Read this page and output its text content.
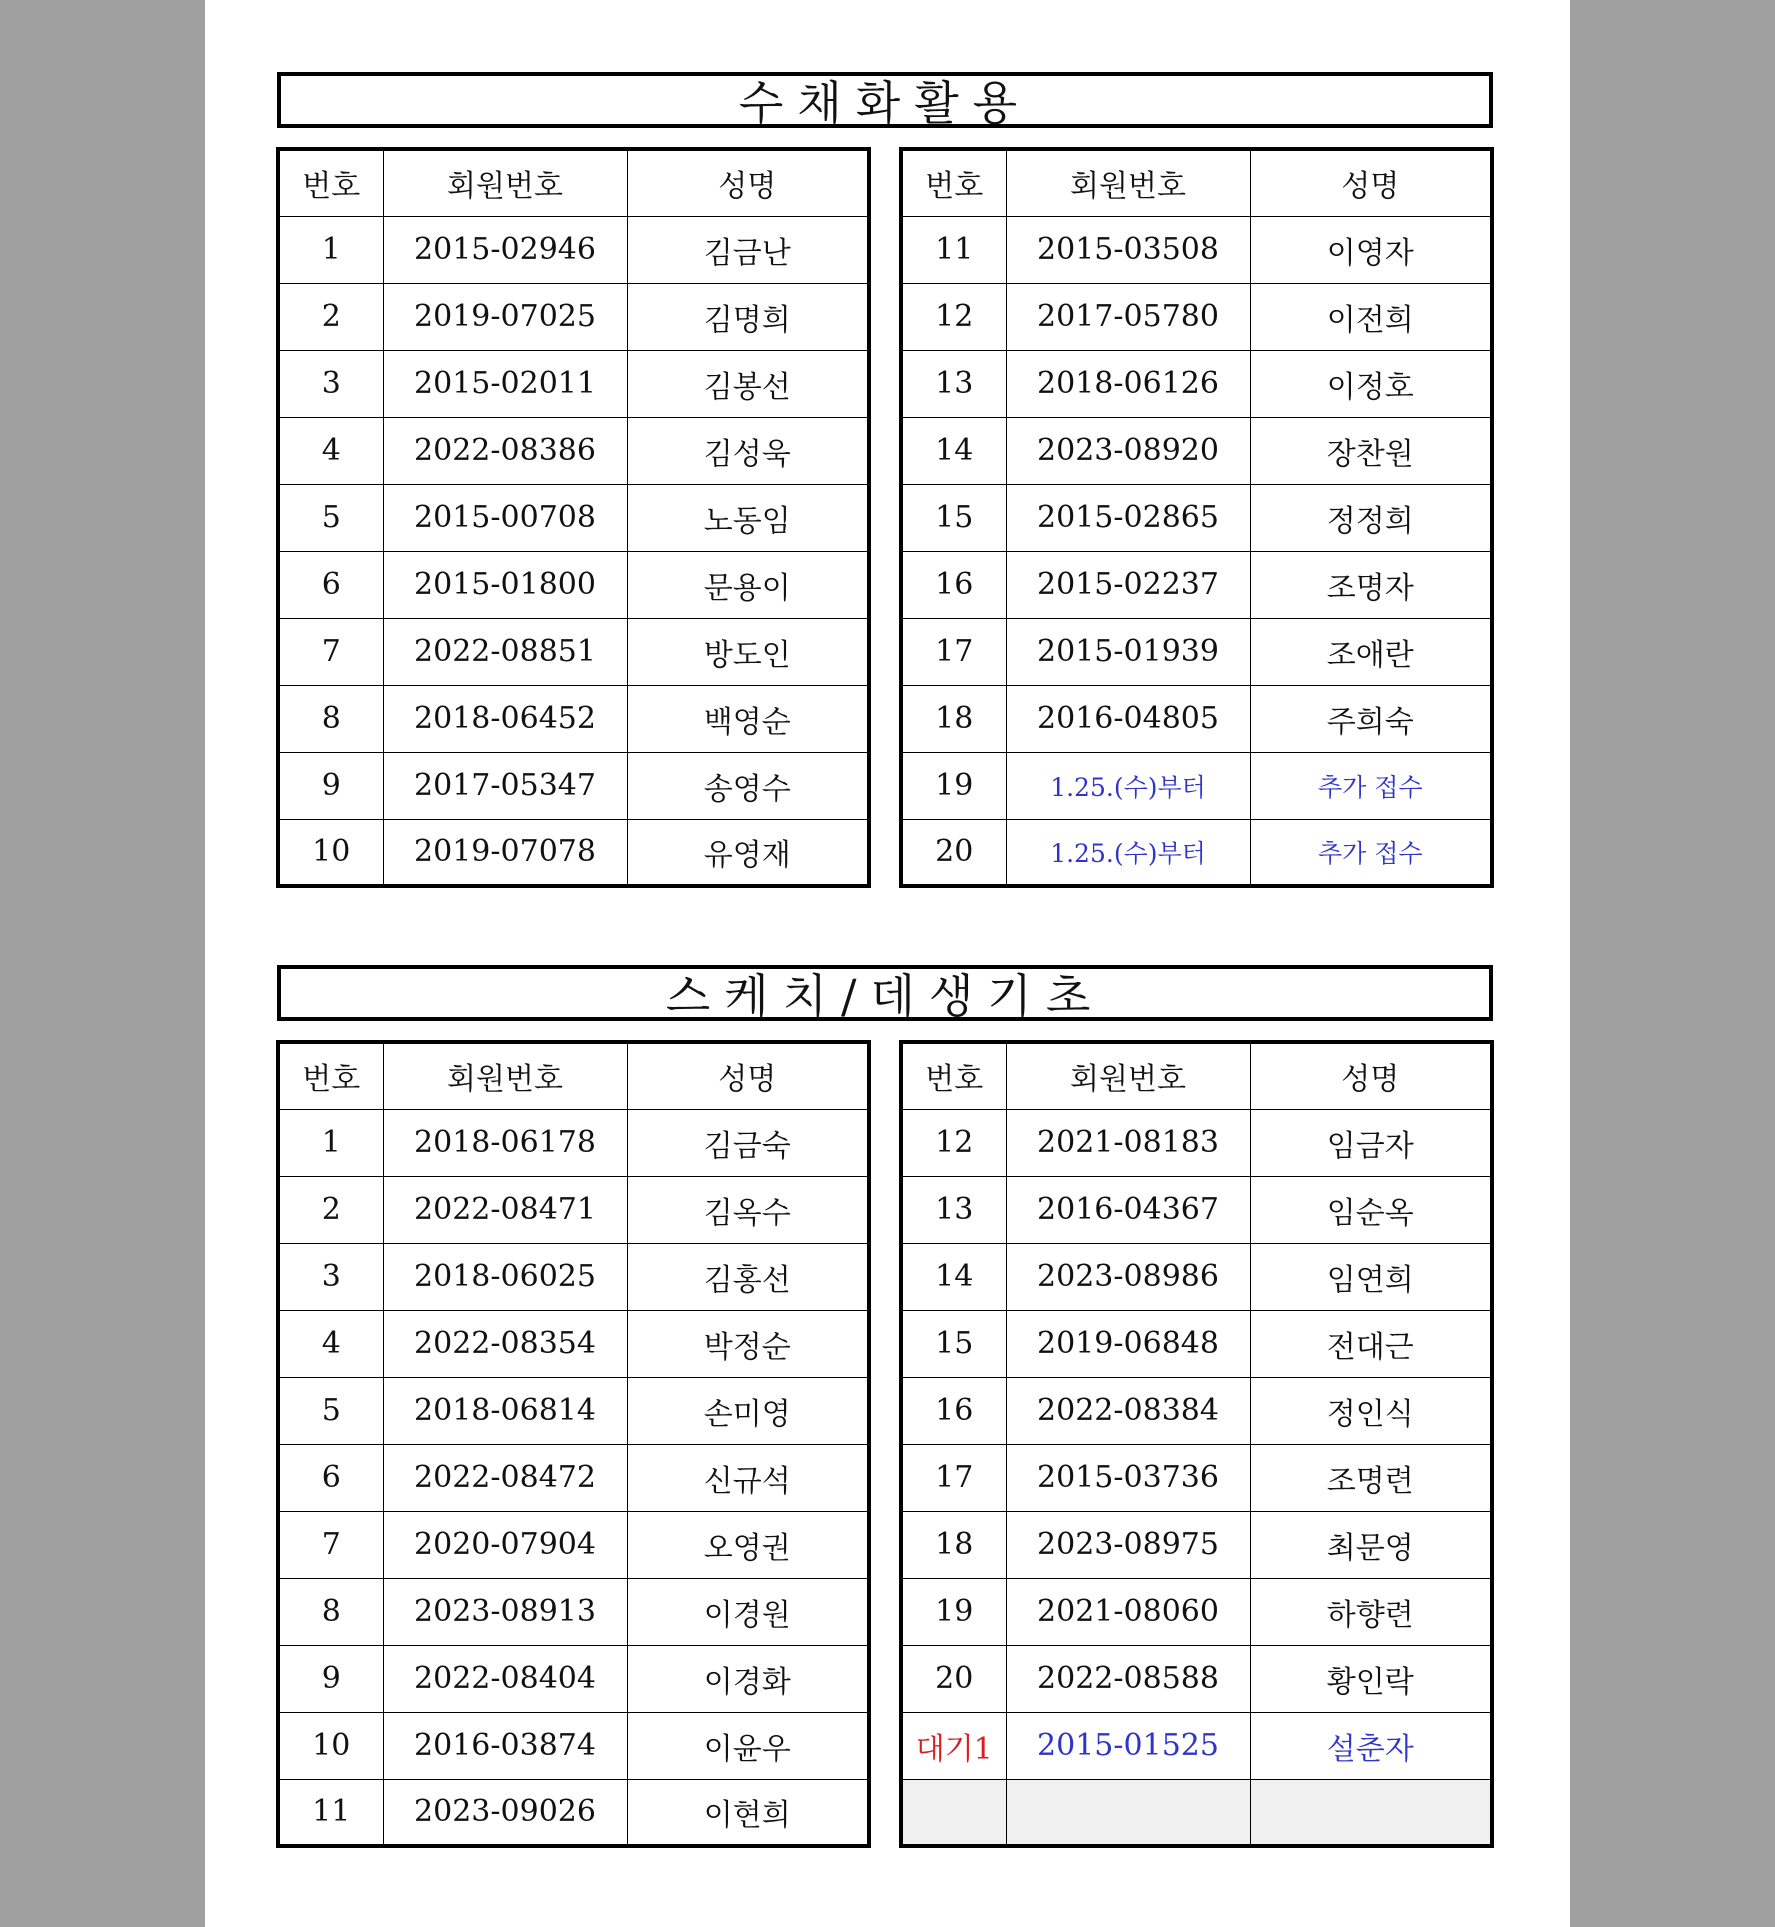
수채화활용
번호	회원번호	성명
1	2015-02946	김금난
2	2019-07025	김명희
3	2015-02011	김봉선
4	2022-08386	김성욱
5	2015-00708	노동임
6	2015-01800	문용이
7	2022-08851	방도인
8	2018-06452	백영순
9	2017-05347	송영수
10	2019-07078	유영재
번호	회원번호	성명
11	2015-03508	이영자
12	2017-05780	이전희
13	2018-06126	이정호
14	2023-08920	장찬원
15	2015-02865	정정희
16	2015-02237	조명자
17	2015-01939	조애란
18	2016-04805	주희숙
19	1.25.(수)부터	추가 접수
20	1.25.(수)부터	추가 접수
스케치/데생기초
번호	회원번호	성명
1	2018-06178	김금숙
2	2022-08471	김옥수
3	2018-06025	김홍선
4	2022-08354	박정순
5	2018-06814	손미영
6	2022-08472	신규석
7	2020-07904	오영권
8	2023-08913	이경원
9	2022-08404	이경화
10	2016-03874	이윤우
11	2023-09026	이현희
번호	회원번호	성명
12	2021-08183	임금자
13	2016-04367	임순옥
14	2023-08986	임연희
15	2019-06848	전대근
16	2022-08384	정인식
17	2015-03736	조명련
18	2023-08975	최문영
19	2021-08060	하향련
20	2022-08588	황인락
대기1	2015-01525	설춘자
